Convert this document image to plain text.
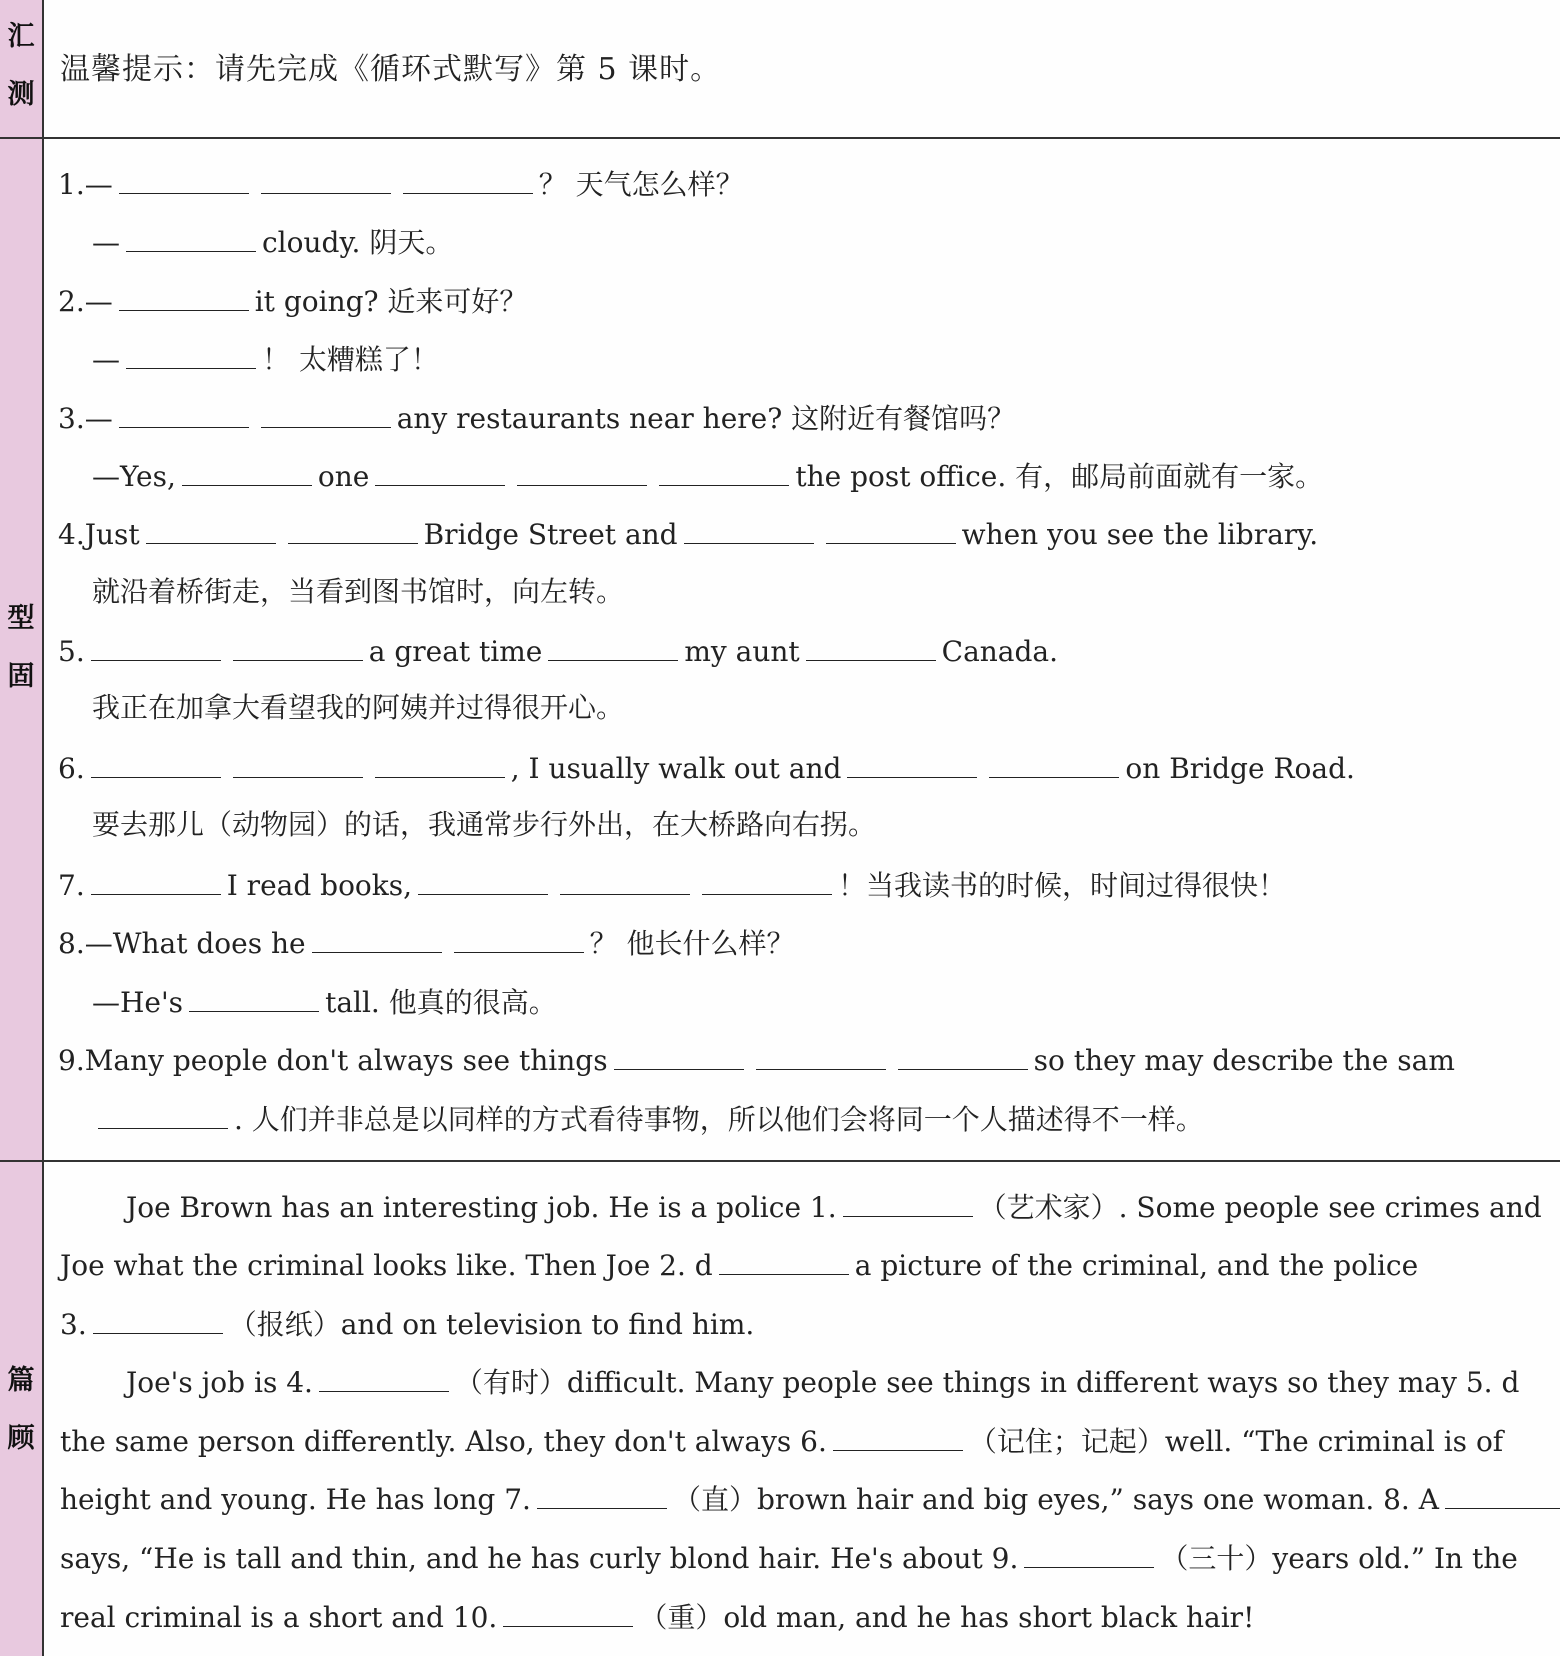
汇
测
型
固
篇
顾
温馨提示：请先完成《循环式默写》第 5 课时。
1.—	？ 天气怎么样？
—	cloudy. 阴天。
2.—	it going? 近来可好？
—	！ 太糟糕了！
3.—	any restaurants near here? 这附近有餐馆吗？
—Yes,	one	the post office. 有，邮局前面就有一家。
4.Just	Bridge Street and	when you see the library.
就沿着桥街走，当看到图书馆时，向左转。
5.	a great time	my aunt	Canada.
我正在加拿大看望我的阿姨并过得很开心。
6.	, I usually walk out and	on Bridge Road.
要去那儿（动物园）的话，我通常步行外出，在大桥路向右拐。
7.	I read books,	！当我读书的时候，时间过得很快！
8.—What does he	？ 他长什么样？
—He's	tall. 他真的很高。
9.Many people don't always see things	so they may describe the sam
. 人们并非总是以同样的方式看待事物，所以他们会将同一个人描述得不一样。
Joe Brown has an interesting job. He is a police 1.	（艺术家）. Some people see crimes and
Joe what the criminal looks like. Then Joe 2. d	a picture of the criminal, and the police
3.	（报纸）and on television to find him.
Joe's job is 4.	（有时）difficult. Many people see things in different ways so they may 5. d
the same person differently. Also, they don't always 6.	（记住；记起）well. “The criminal is of
height and young. He has long 7.	（直）brown hair and big eyes,” says one woman. 8. A
says, “He is tall and thin, and he has curly blond hair. He's about 9.	（三十）years old.” In the
real criminal is a short and 10.	（重）old man, and he has short black hair!
